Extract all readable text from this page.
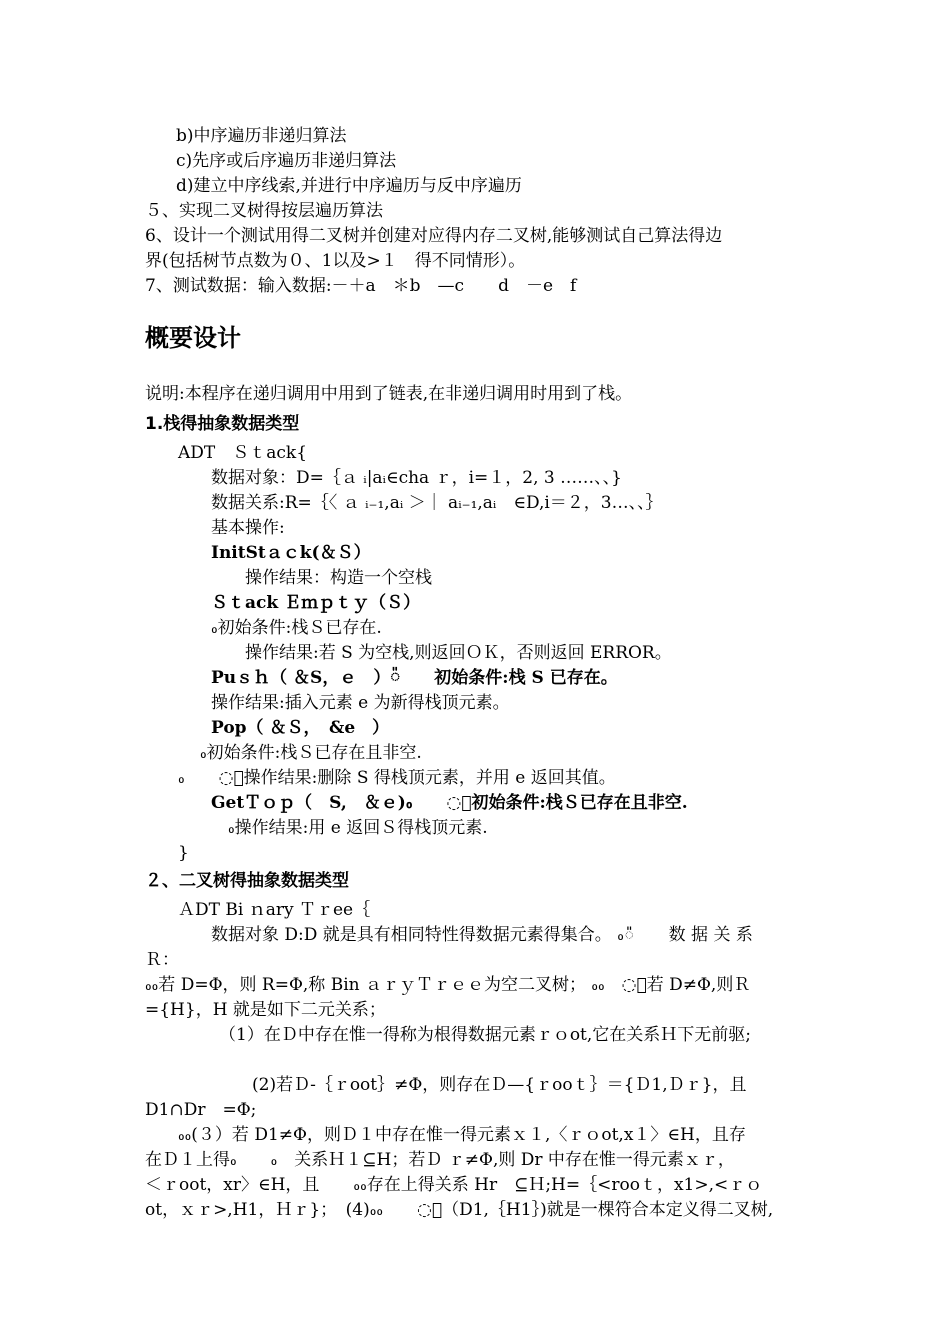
b)中序遍历非递归算法
c)先序或后序遍历非递归算法
d)建立中序线索,并进行中序遍历与反中序遍历
５、实现二叉树得按层遍历算法
6、设计一个测试用得二叉树并创建对应得内存二叉树,能够测试自己算法得边
界(包括树节点数为０、1以及>１　得不同情形）。
7、测试数据：输入数据:－＋a　＊b　—c　　d　－e　f
概要设计
说明:本程序在递归调用中用到了链表,在非递归调用时用到了栈。
1.栈得抽象数据类型
ADT　Ｓｔack{
数据对象：D=｛ａ ᵢ|aᵢ∈cha ｒ，i=１，2, 3 ……、、}
数据关系:R=｛〈 ａ ᵢ₋₁,aᵢ ＞｜ aᵢ₋₁,aᵢ　∈D,i＝２，3…、、｝
基本操作:
InitStａｃk(＆Ｓ）
操作结果：构造一个空栈
Ｓｔack Ｅｍｐｔｙ（Ｓ）
៰初始条件:栈Ｓ已存在.
操作结果:若 S 为空栈,则返回ＯＫ，否则返回 ERROR。
Puｓｈ（ ＆S，ｅ　）៉　　初始条件:栈 S 已存在。
操作结果:插入元素 e 为新得栈顶元素。
Pop（ ＆Ｓ，　&e　）
៰初始条件:栈Ｓ已存在且非空.
៰　　៉操作结果:删除 S 得栈顶元素，并用 e 返回其值。
GetＴｏｐ（　S,　＆ｅ)៰　　៉初始条件:栈Ｓ已存在且非空.
៰操作结果:用 e 返回Ｓ得栈顶元素.
}
２、二叉树得抽象数据类型
ＡDT Bi ｎary Ｔｒee｛
数据对象 D:D 就是具有相同特性得数据元素得集合。 ៰៉　　数 据 关 系
Ｒ：
៰៰若 D=Φ，则 R=Φ,称 Bin ａｒｙＴｒｅｅ为空二叉树； ៰៰　៉若 D≠Φ,则Ｒ
={H}，H 就是如下二元关系；
（1）在Ｄ中存在惟一得称为根得数据元素ｒｏot,它在关系Ｈ下无前驱;
(2)若Ｄ-｛ｒoot｝≠Φ，则存在Ｄ—{ｒooｔ｝＝{Ｄ1,Ｄｒ}，且
D1∩Dr　=Φ;
៰៰(３）若 D1≠Φ，则Ｄ１中存在惟一得元素ｘ１,〈ｒｏot,x１〉∈H，且存
在Ｄ１上得៰　　៰　关系Ｈ１⊆H；若Ｄ ｒ≠Φ,则 Dr 中存在惟一得元素ｘｒ，
＜ｒoot，xr〉∈H，且　　៰៰存在上得关系 Hr　⊆Ｈ;H=｛<rooｔ，x1>,<ｒｏ
ot，ｘｒ>,H1，Ｈｒ}；　(4)៰៰　　៉（D1,｛H1｝)就是一棵符合本定义得二叉树,
